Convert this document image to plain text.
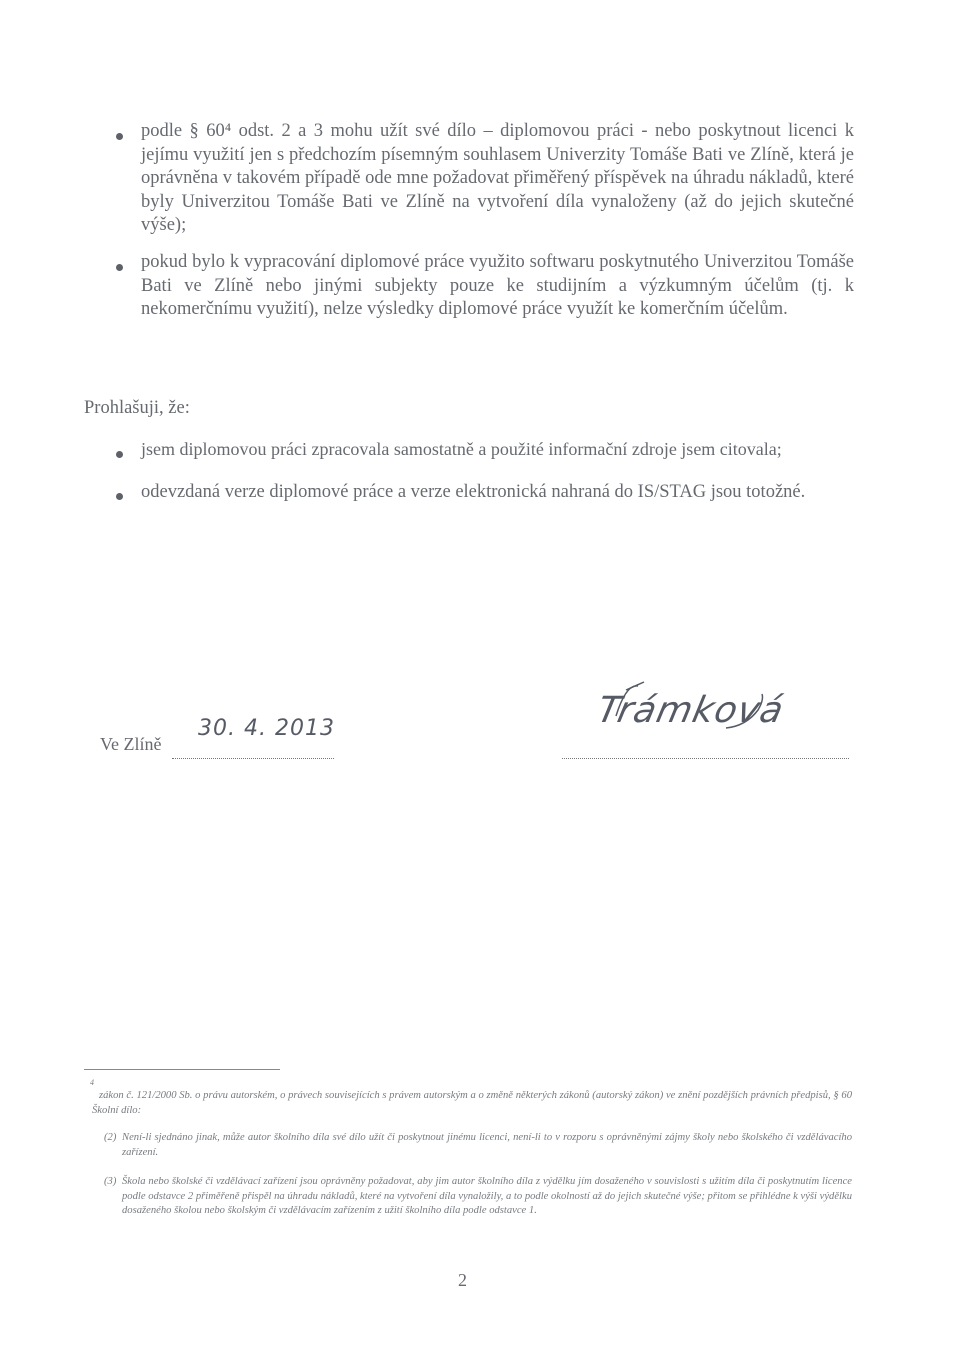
podle § 60⁴ odst. 2 a 3 mohu užít své dílo – diplomovou práci - nebo poskytnout licenci k jejímu využití jen s předchozím písemným souhlasem Univerzity Tomáše Bati ve Zlíně, která je oprávněna v takovém případě ode mne požadovat přiměřený příspěvek na úhradu nákladů, které byly Univerzitou Tomáše Bati ve Zlíně na vytvoření díla vynaloženy (až do jejich skutečné výše);
pokud bylo k vypracování diplomové práce využito softwaru poskytnutého Univerzitou Tomáše Bati ve Zlíně nebo jinými subjekty pouze ke studijním a výzkumným účelům (tj. k nekomerčnímu využití), nelze výsledky diplomové práce využít ke komerčním účelům.
Prohlašuji, že:
jsem diplomovou práci zpracovala samostatně a použité informační zdroje jsem citovala;
odevzdaná verze diplomové práce a verze elektronická nahraná do IS/STAG jsou totožné.
Ve Zlíně
30. 4. 2013	Trámková
4
zákon č. 121/2000 Sb. o právu autorském, o právech souvisejících s právem autorským a o změně některých zákonů (autorský zákon) ve znění pozdějších právních předpisů, § 60 Školní dílo:
(2) Není-li sjednáno jinak, může autor školního díla své dílo užít či poskytnout jinému licenci, není-li to v rozporu s oprávněnými zájmy školy nebo školského či vzdělávacího zařízení.
(3) Škola nebo školské či vzdělávací zařízení jsou oprávněny požadovat, aby jim autor školního díla z výdělku jím dosaženého v souvislosti s užitím díla či poskytnutím licence podle odstavce 2 přiměřeně přispěl na úhradu nákladů, které na vytvoření díla vynaložily, a to podle okolností až do jejich skutečné výše; přitom se přihlédne k výši výdělku dosaženého školou nebo školským či vzdělávacím zařízením z užití školního díla podle odstavce 1.
2
